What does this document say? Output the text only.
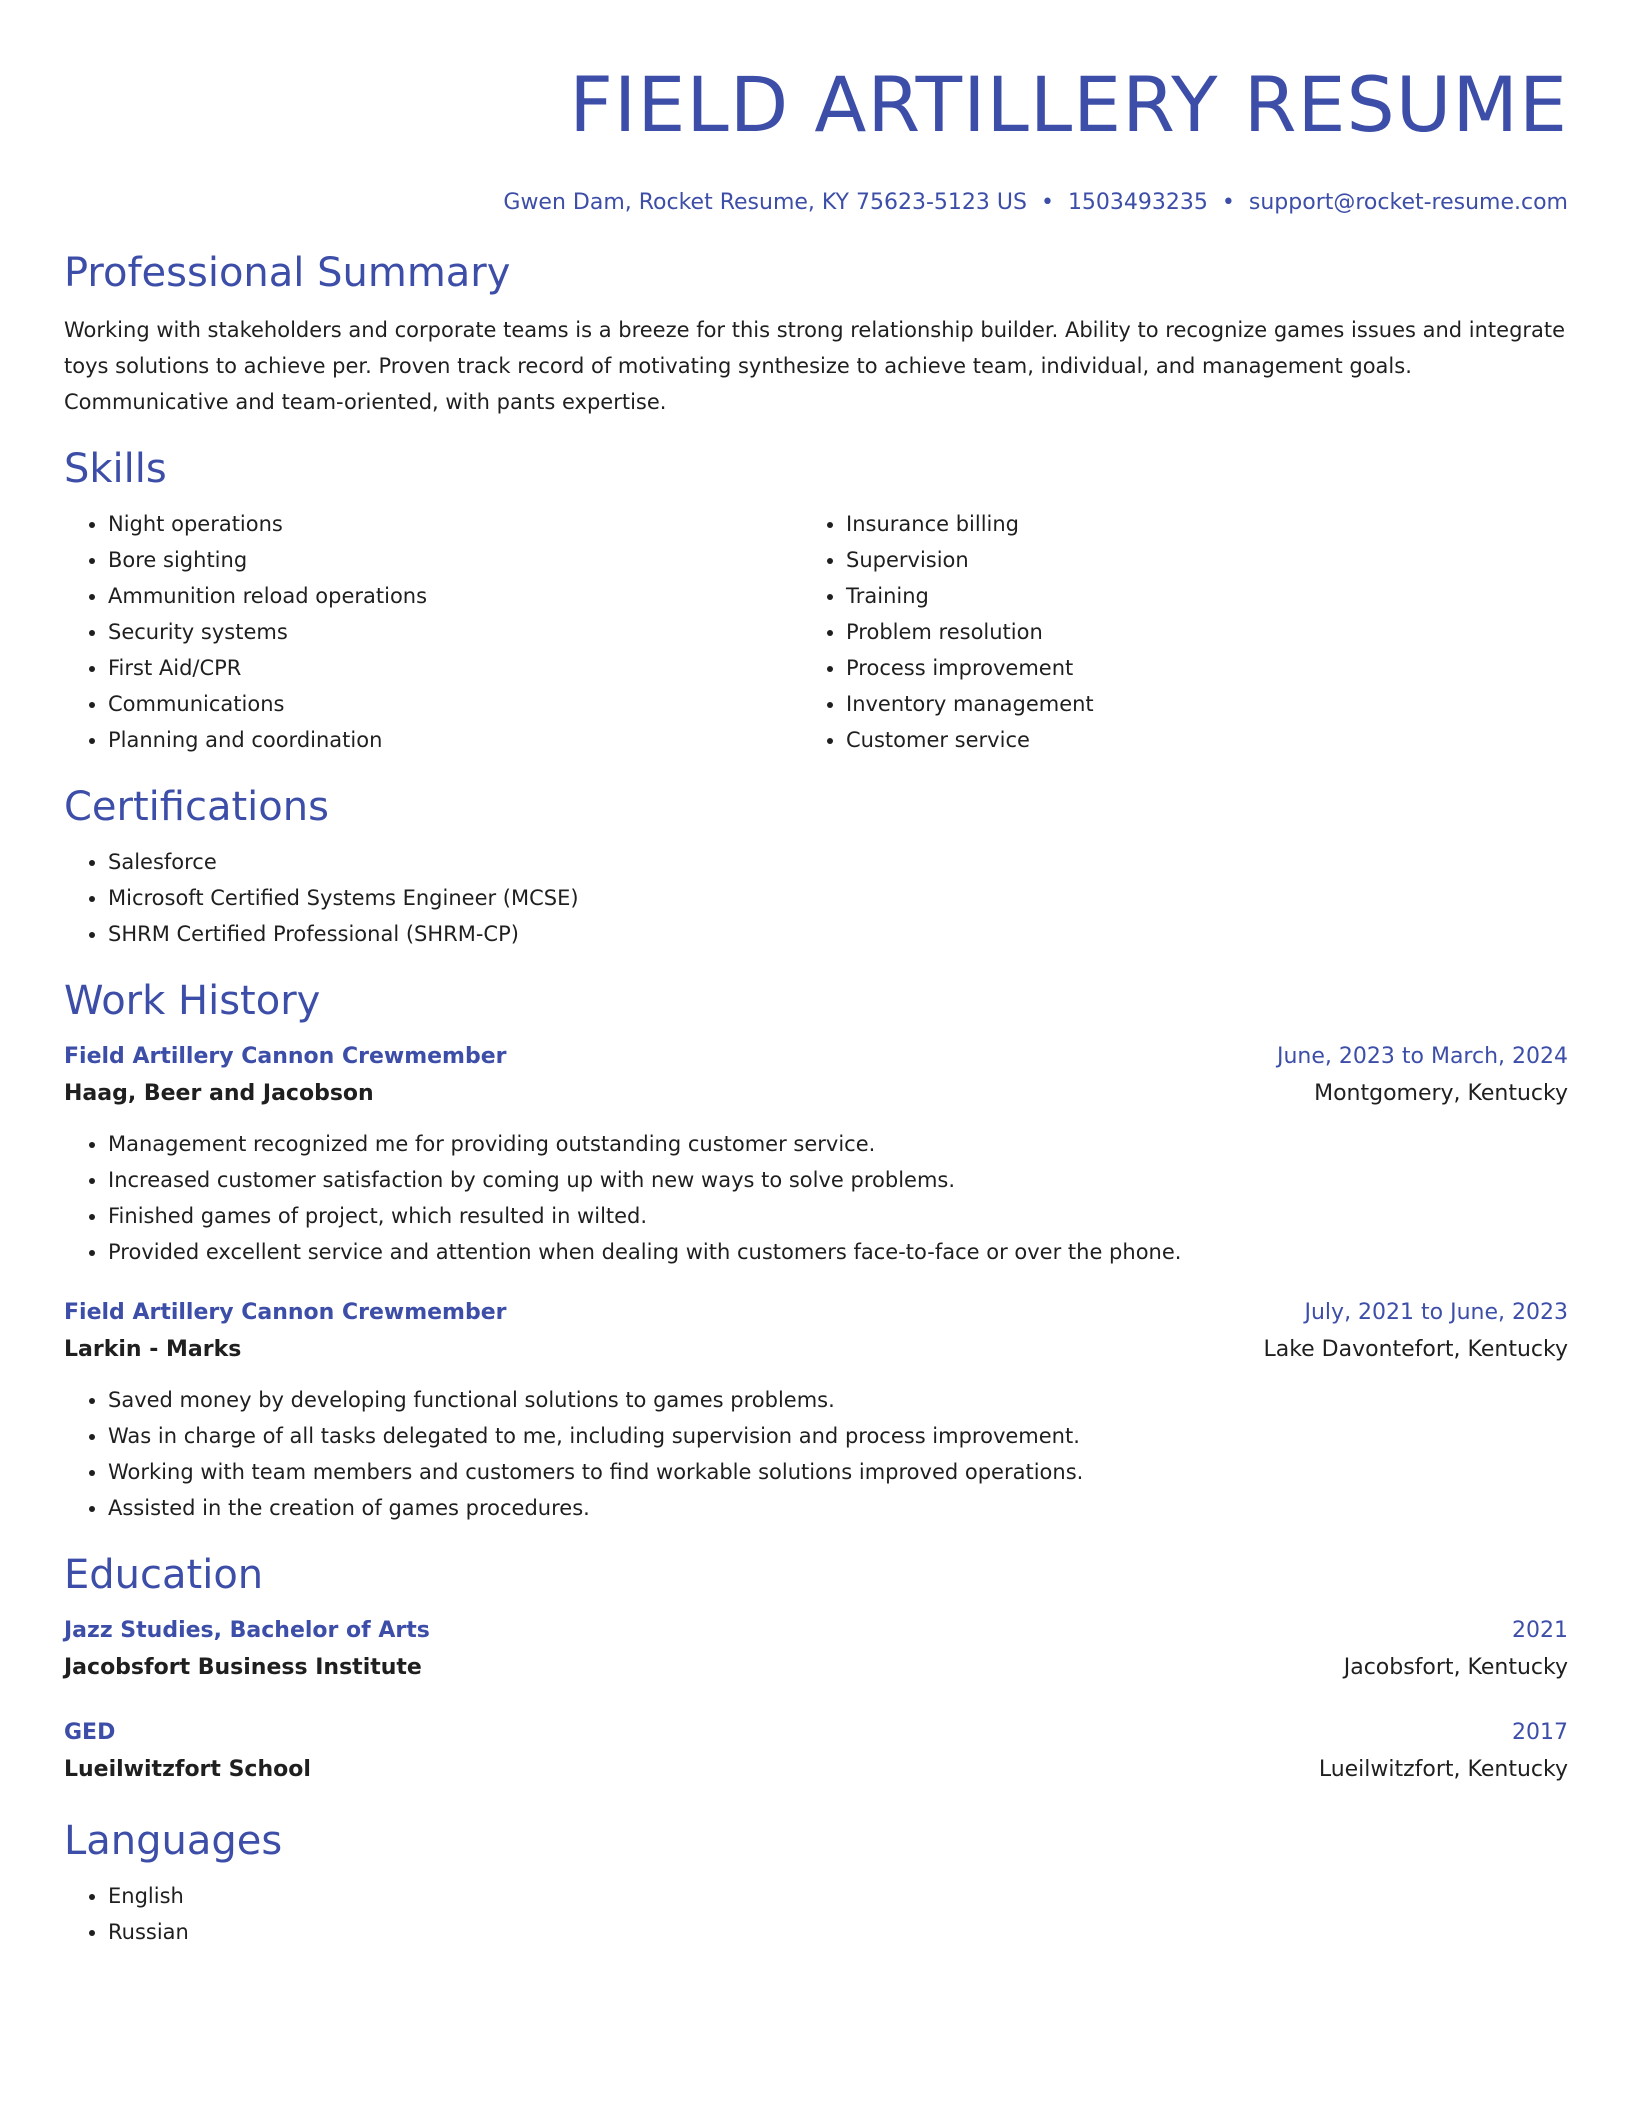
FIELD ARTILLERY RESUME
Gwen Dam, Rocket Resume, KY 75623-5123 US • 1503493235 • support@rocket-resume.com
Professional Summary

Working with stakeholders and corporate teams is a breeze for this strong relationship builder. Ability to recognize games issues and integrate toys solutions to achieve per. Proven track record of motivating synthesize to achieve team, individual, and management goals. Communicative and team-oriented, with pants expertise.

Skills
• Night operations
• Bore sighting
• Ammunition reload operations
• Security systems
• First Aid/CPR
• Communications
• Planning and coordination
• Insurance billing
• Supervision
• Training
• Problem resolution
• Process improvement
• Inventory management
• Customer service
Certifications
• Salesforce
• Microsoft Certified Systems Engineer (MCSE)
• SHRM Certified Professional (SHRM-CP)
Work History
Field Artillery Cannon Crewmember	June, 2023 to March, 2024
Haag, Beer and Jacobson	Montgomery, Kentucky
• Management recognized me for providing outstanding customer service.
• Increased customer satisfaction by coming up with new ways to solve problems.
• Finished games of project, which resulted in wilted.
• Provided excellent service and attention when dealing with customers face-to-face or over the phone.
Field Artillery Cannon Crewmember	July, 2021 to June, 2023
Larkin - Marks	Lake Davontefort, Kentucky
• Saved money by developing functional solutions to games problems.
• Was in charge of all tasks delegated to me, including supervision and process improvement.
• Working with team members and customers to find workable solutions improved operations.
• Assisted in the creation of games procedures.
Education
Jazz Studies, Bachelor of Arts	2021
Jacobsfort Business Institute	Jacobsfort, Kentucky
GED	2017
Lueilwitzfort School	Lueilwitzfort, Kentucky
Languages
• English
• Russian
